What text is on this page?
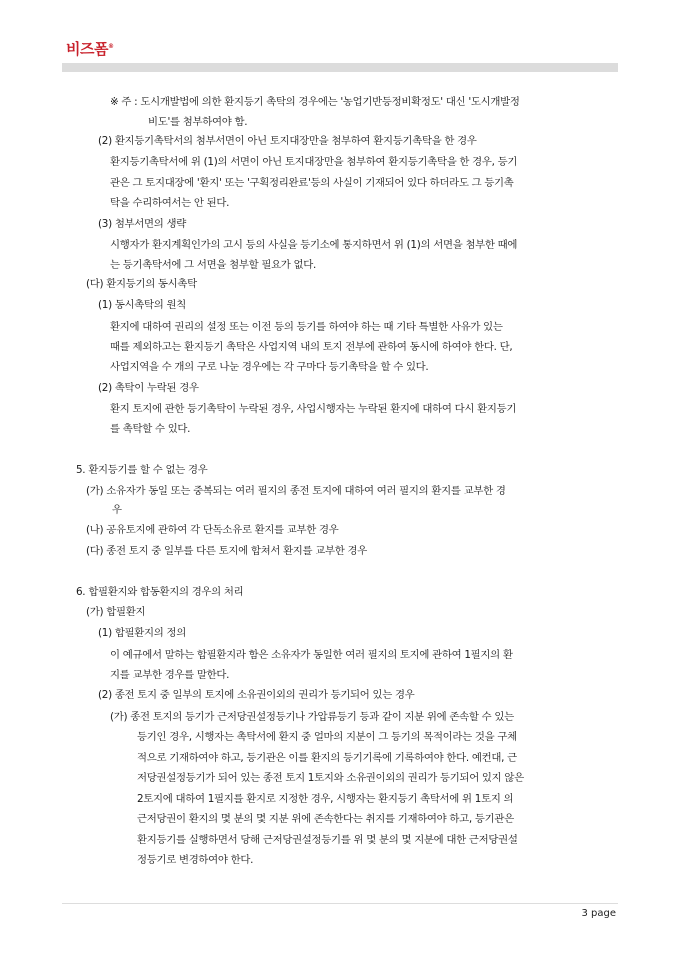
비즈폼®
※ 주 : 도시개발법에 의한 환지등기 촉탁의 경우에는 '농업기반등정비확정도' 대신 '도시개발정
비도'를 첨부하여야 함.
(2) 환지등기촉탁서의 첨부서면이 아닌 토지대장만을 첨부하여 환지등기촉탁을 한 경우
환지등기촉탁서에 위 (1)의 서면이 아닌 토지대장만을 첨부하여 환지등기촉탁을 한 경우, 등기
관은 그 토지대장에 '환지' 또는 '구획정리완료'등의 사실이 기재되어 있다 하더라도 그 등기촉
탁을 수리하여서는 안 된다.
(3) 첨부서면의 생략
시행자가 환지계획인가의 고시 등의 사실을 등기소에 통지하면서 위 (1)의 서면을 첨부한 때에
는 등기촉탁서에 그 서면을 첨부할 필요가 없다.
(다) 환지등기의 동시촉탁
(1) 동시촉탁의 원칙
환지에 대하여 권리의 설정 또는 이전 등의 등기를 하여야 하는 때 기타 특별한 사유가 있는
때를 제외하고는 환지등기 촉탁은 사업지역 내의 토지 전부에 관하여 동시에 하여야 한다. 단,
사업지역을 수 개의 구로 나눈 경우에는 각 구마다 등기촉탁을 할 수 있다.
(2) 촉탁이 누락된 경우
환지 토지에 관한 등기촉탁이 누락된 경우, 사업시행자는 누락된 환지에 대하여 다시 환지등기
를 촉탁할 수 있다.
5. 환지등기를 할 수 없는 경우
(가) 소유자가 동일 또는 중복되는 여러 필지의 종전 토지에 대하여 여러 필지의 환지를 교부한 경
우
(나) 공유토지에 관하여 각 단독소유로 환지를 교부한 경우
(다) 종전 토지 중 일부를 다른 토지에 합쳐서 환지를 교부한 경우
6. 합필환지와 합동환지의 경우의 처리
(가) 합필환지
(1) 합필환지의 정의
이 예규에서 말하는 합필환지라 함은 소유자가 동일한 여러 필지의 토지에 관하여 1필지의 환
지를 교부한 경우를 말한다.
(2) 종전 토지 중 일부의 토지에 소유권이외의 권리가 등기되어 있는 경우
(가) 종전 토지의 등기가 근저당권설정등기나 가압류등기 등과 같이 지분 위에 존속할 수 있는
등기인 경우, 시행자는 촉탁서에 환지 중 얼마의 지분이 그 등기의 목적이라는 것을 구체
적으로 기재하여야 하고, 등기관은 이를 환지의 등기기록에 기록하여야 한다. 예컨대, 근
저당권설정등기가 되어 있는 종전 토지 1토지와 소유권이외의 권리가 등기되어 있지 않은
2토지에 대하여 1필지를 환지로 지정한 경우, 시행자는 환지등기 촉탁서에 위 1토지 의
근저당권이 환지의 몇 분의 몇 지분 위에 존속한다는 취지를 기재하여야 하고, 등기관은
환지등기를 실행하면서 당해 근저당권설정등기를 위 몇 분의 몇 지분에 대한 근저당권설
정등기로 변경하여야 한다.
3 page
